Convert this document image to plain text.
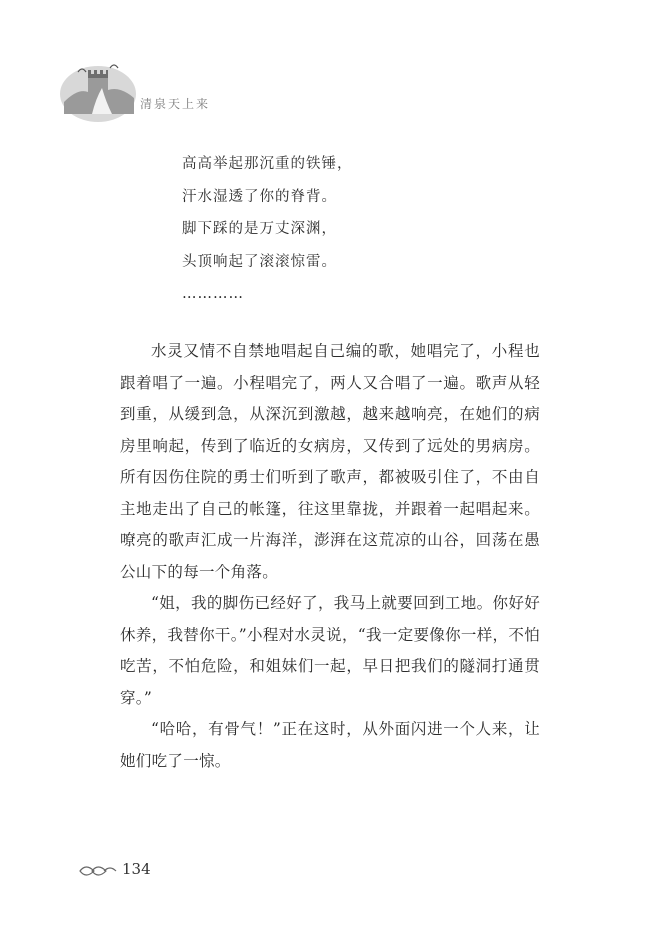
清泉天上来
高高举起那沉重的铁锤，
汗水湿透了你的脊背。
脚下踩的是万丈深渊，
头顶响起了滚滚惊雷。
…………

水灵又情不自禁地唱起自己编的歌，她唱完了，小程也跟着唱了一遍。小程唱完了，两人又合唱了一遍。歌声从轻到重，从缓到急，从深沉到激越，越来越响亮，在她们的病房里响起，传到了临近的女病房，又传到了远处的男病房。所有因伤住院的勇士们听到了歌声，都被吸引住了，不由自主地走出了自己的帐篷，往这里靠拢，并跟着一起唱起来。嘹亮的歌声汇成一片海洋，澎湃在这荒凉的山谷，回荡在愚公山下的每一个角落。

“姐，我的脚伤已经好了，我马上就要回到工地。你好好休养，我替你干。”小程对水灵说，“我一定要像你一样，不怕吃苦，不怕危险，和姐妹们一起，早日把我们的隧洞打通贯穿。”

“哈哈，有骨气！”正在这时，从外面闪进一个人来，让她们吃了一惊。

134
